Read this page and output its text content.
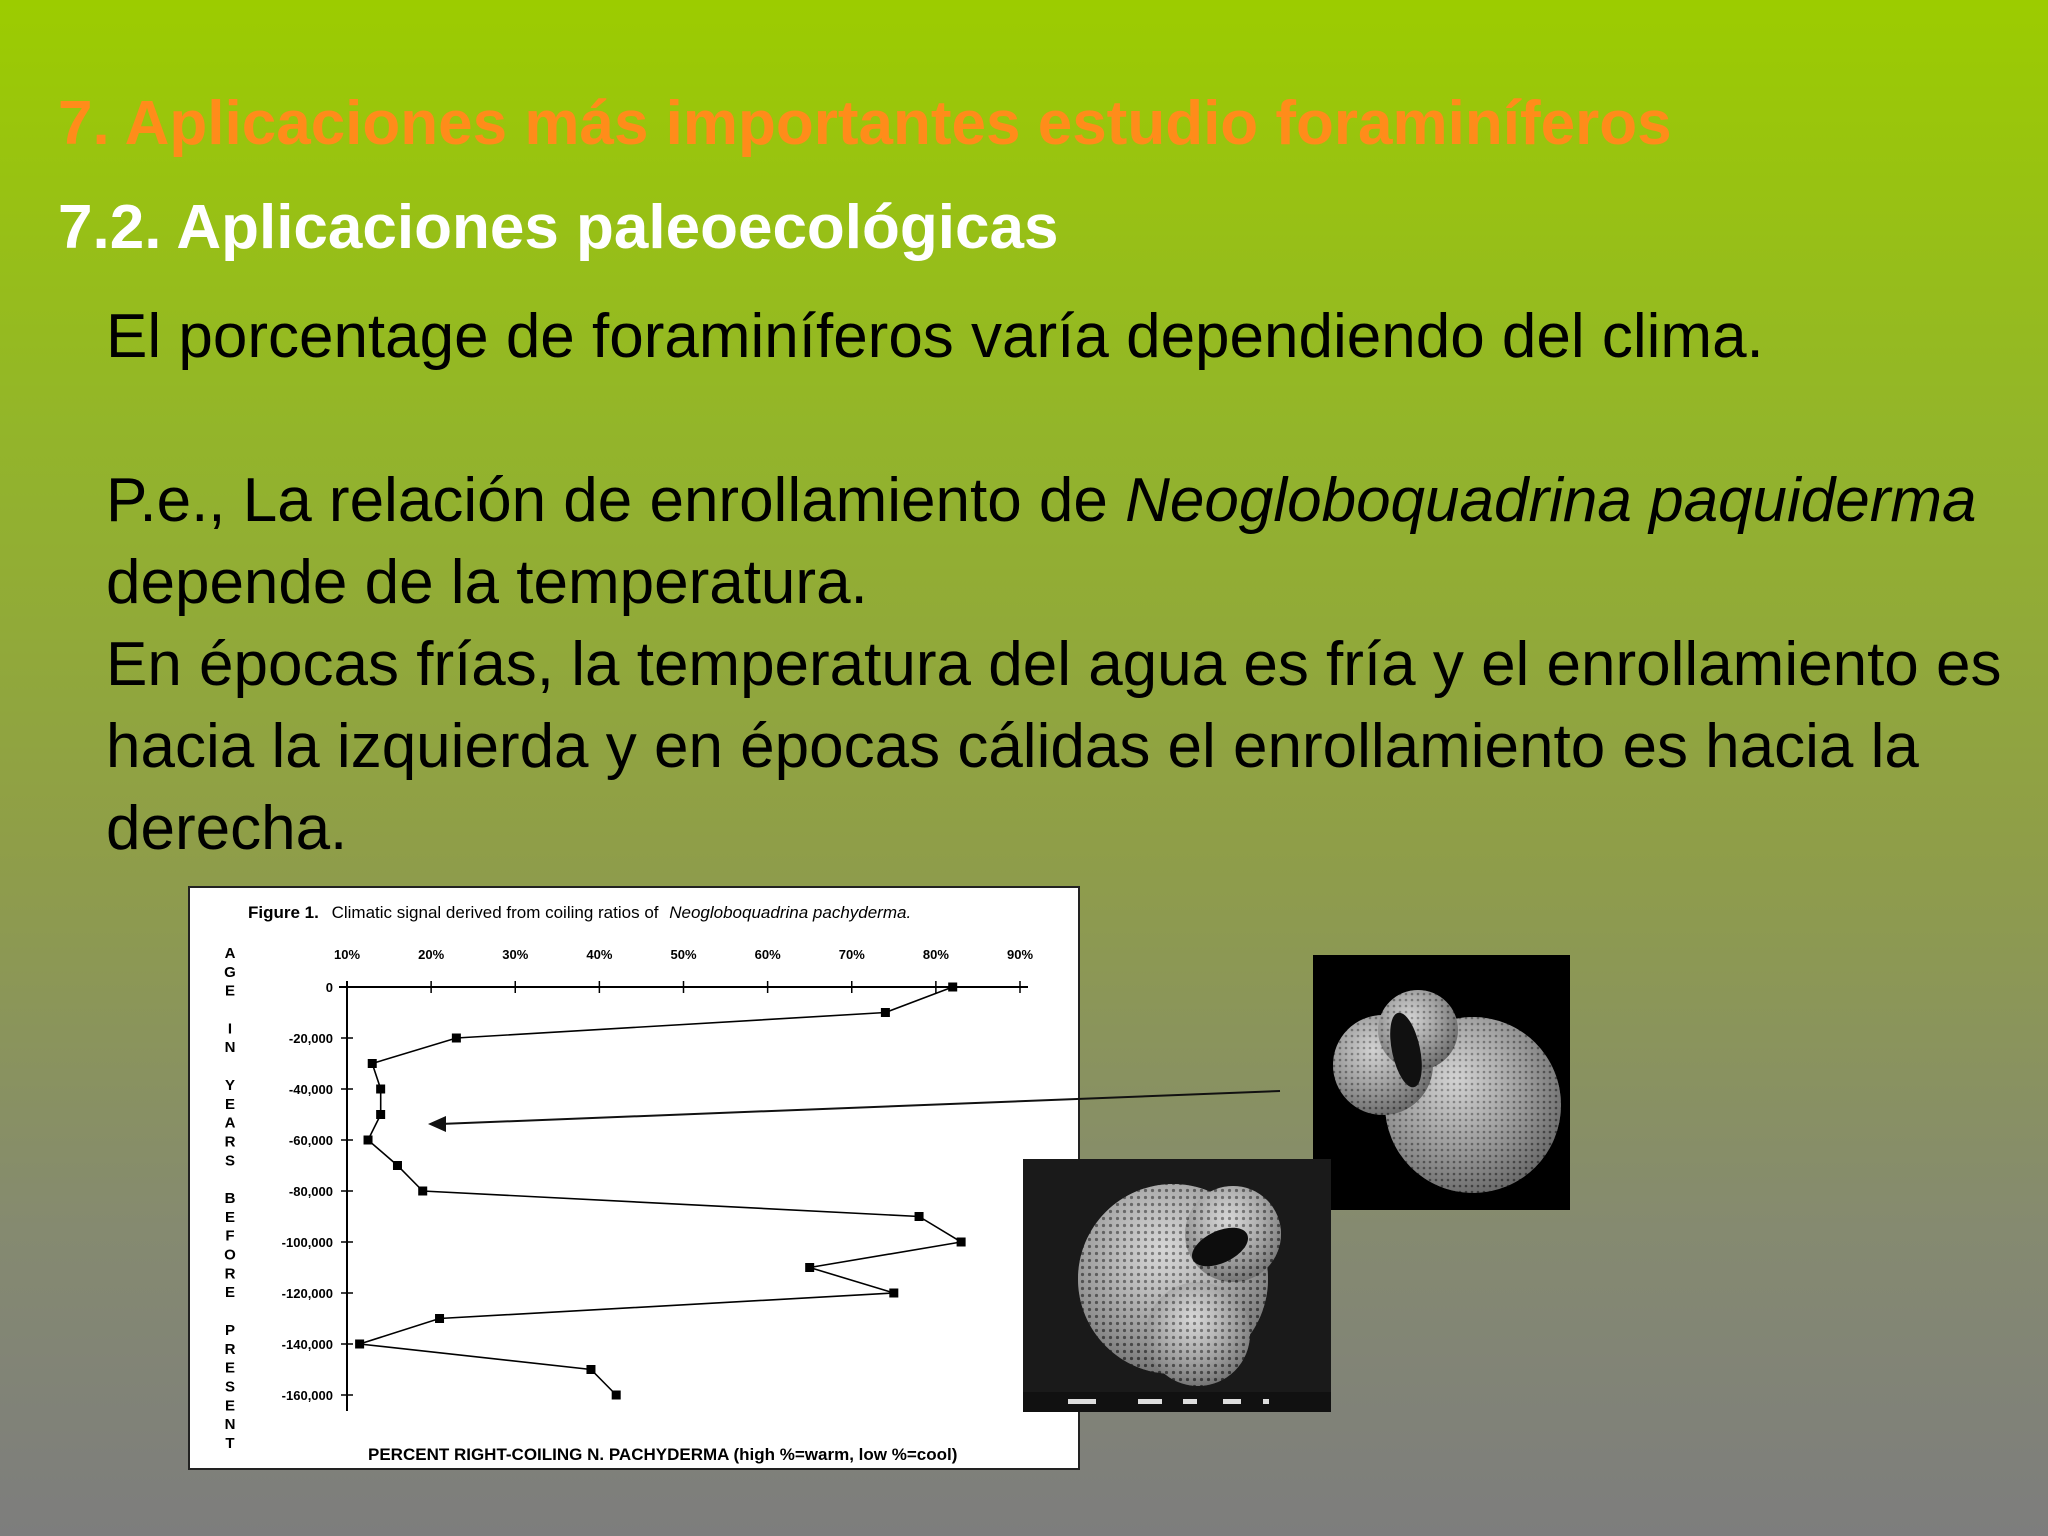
7. Aplicaciones más importantes estudio foraminíferos
7.2. Aplicaciones paleoecológicas

El porcentage de foraminíferos varía dependiendo del clima.

P.e., La relación de enrollamiento de Neogloboquadrina paquiderma depende de la temperatura.
En épocas frías, la temperatura del agua es fría y el enrollamiento es hacia la izquierda y en épocas cálidas el enrollamiento es hacia la derecha.

Figure 1. Climatic signal derived from coiling ratios of Neogloboquadrina pachyderma.
10%	20%	30%	40%	50%	60%	70%	80%	90%
0
-20,000
-40,000
-60,000
-80,000
-100,000
-120,000
-140,000
-160,000
A
G
E
I
N
Y
E
A
R
S
B
E
F
O
R
E
P
R
E
S
E
N
T
PERCENT RIGHT-COILING N. PACHYDERMA (high %=warm, low %=cool)
